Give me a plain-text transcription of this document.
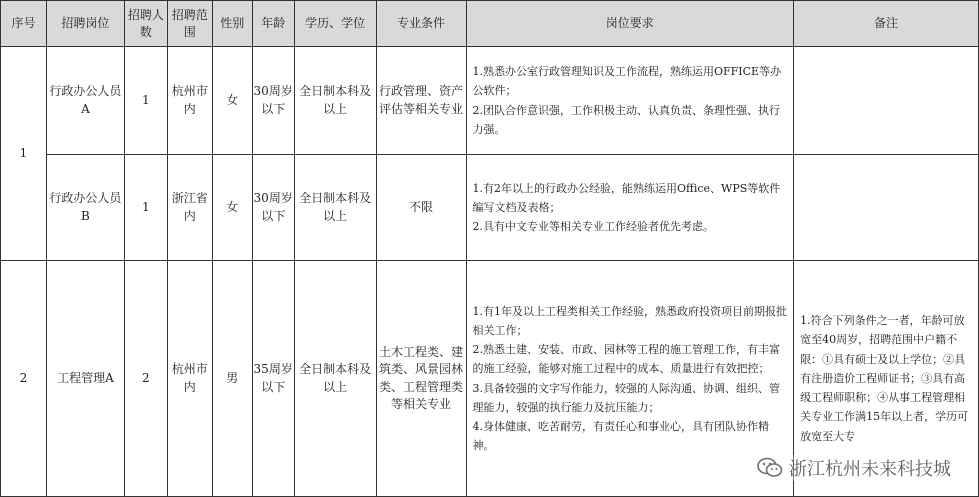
序号	招聘岗位	招聘人数	招聘范围	性别	年龄	学历、学位	专业条件	岗位要求	备注
1	行政办公人员A	1	杭州市内	女	30周岁以下	全日制本科及以上	行政管理、资产评估等相关专业	1.熟悉办公室行政管理知识及工作流程，熟练运用OFFICE等办公软件；

2.团队合作意识强，工作积极主动、认真负责、条理性强、执行力强。	

	行政办公人员B	1	浙江省内	女	30周岁以下	全日制本科及以上	不限	1.有2年以上的行政办公经验，能熟练运用Office、WPS等软件编写文档及表格；

2.具有中文专业等相关专业工作经验者优先考虑。	

2	工程管理A	2	杭州市内	男	35周岁以下	全日制本科及以上	土木工程类、建筑类、风景园林类、工程管理类等相关专业	1.有1年及以上工程类相关工作经验，熟悉政府投资项目前期报批相关工作；

2.熟悉土建、安装、市政、园林等工程的施工管理工作，有丰富的施工经验，能够对施工过程中的成本、质量进行有效把控；

3.具备较强的文字写作能力，较强的人际沟通、协调、组织、管理能力，较强的执行能力及抗压能力；

4.身体健康、吃苦耐劳，有责任心和事业心，具有团队协作精神。	1.符合下列条件之一者，年龄可放宽至40周岁，招聘范围中户籍不限：①具有硕士及以上学位；②具有注册造价工程师证书；③具有高级工程师职称；④从事工程管理相关专业工作满15年以上者，学历可放宽至大专

浙江杭州未来科技城
